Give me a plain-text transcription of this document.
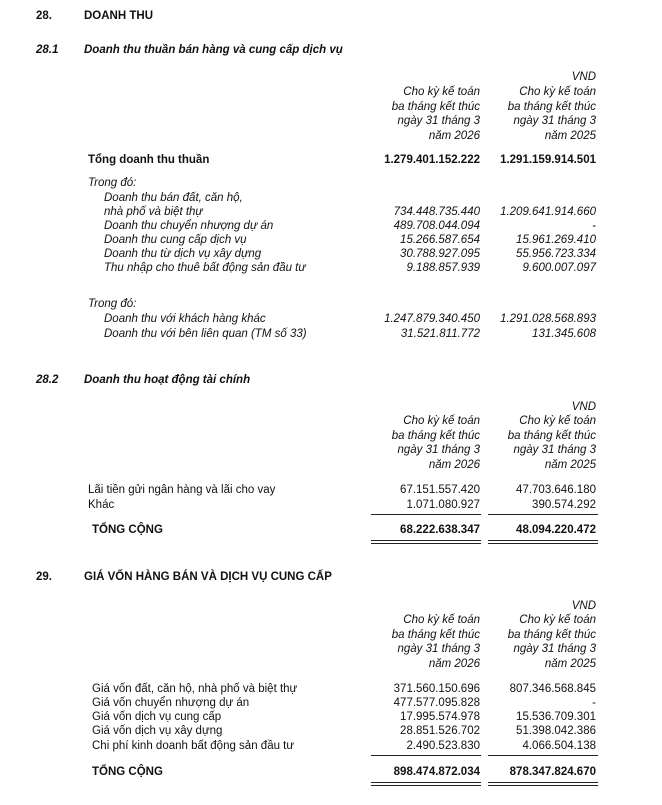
28.	DOANH THU
28.1 Doanh thu thuần bán hàng và cung cấp dịch vụ
VND
Cho kỳ kế toán
ba tháng kết thúc
ngày 31 tháng 3
năm 2026
Cho kỳ kế toán
ba tháng kết thúc
ngày 31 tháng 3
năm 2025
Tổng doanh thu thuần	1.279.401.152.222 1.291.159.914.501
Trong đó:
Doanh thu bán đất, căn hộ,
nhà phố và biệt thự	734.448.735.440 1.209.641.914.660
Doanh thu chuyển nhượng dự án	489.708.044.094	-
Doanh thu cung cấp dịch vụ	15.266.587.654	15.961.269.410
Doanh thu từ dịch vụ xây dựng	30.788.927.095	55.956.723.334
Thu nhập cho thuê bất động sản đầu tư	9.188.857.939	9.600.007.097
Trong đó:
Doanh thu với khách hàng khác	1.247.879.340.450 1.291.028.568.893
Doanh thu với bên liên quan (TM số 33)	31.521.811.772	131.345.608
28.2 Doanh thu hoạt động tài chính
VND
Cho kỳ kế toán
ba tháng kết thúc
ngày 31 tháng 3
năm 2026
Cho kỳ kế toán
ba tháng kết thúc
ngày 31 tháng 3
năm 2025
Lãi tiền gửi ngân hàng và lãi cho vay	67.151.557.420	47.703.646.180
Khác	1.071.080.927	390.574.292
TỔNG CỘNG	68.222.638.347	48.094.220.472
29.	GIÁ VỐN HÀNG BÁN VÀ DỊCH VỤ CUNG CẤP
VND
Cho kỳ kế toán
ba tháng kết thúc
ngày 31 tháng 3
năm 2026
Cho kỳ kế toán
ba tháng kết thúc
ngày 31 tháng 3
năm 2025
Giá vốn đất, căn hộ, nhà phố và biệt thự	371.560.150.696	807.346.568.845
Giá vốn chuyển nhượng dự án	477.577.095.828	-
Giá vốn dịch vụ cung cấp	17.995.574.978	15.536.709.301
Giá vốn dịch vụ xây dựng	28.851.526.702	51.398.042.386
Chi phí kinh doanh bất động sản đầu tư	2.490.523.830	4.066.504.138
TỔNG CỘNG	898.474.872.034	878.347.824.670
